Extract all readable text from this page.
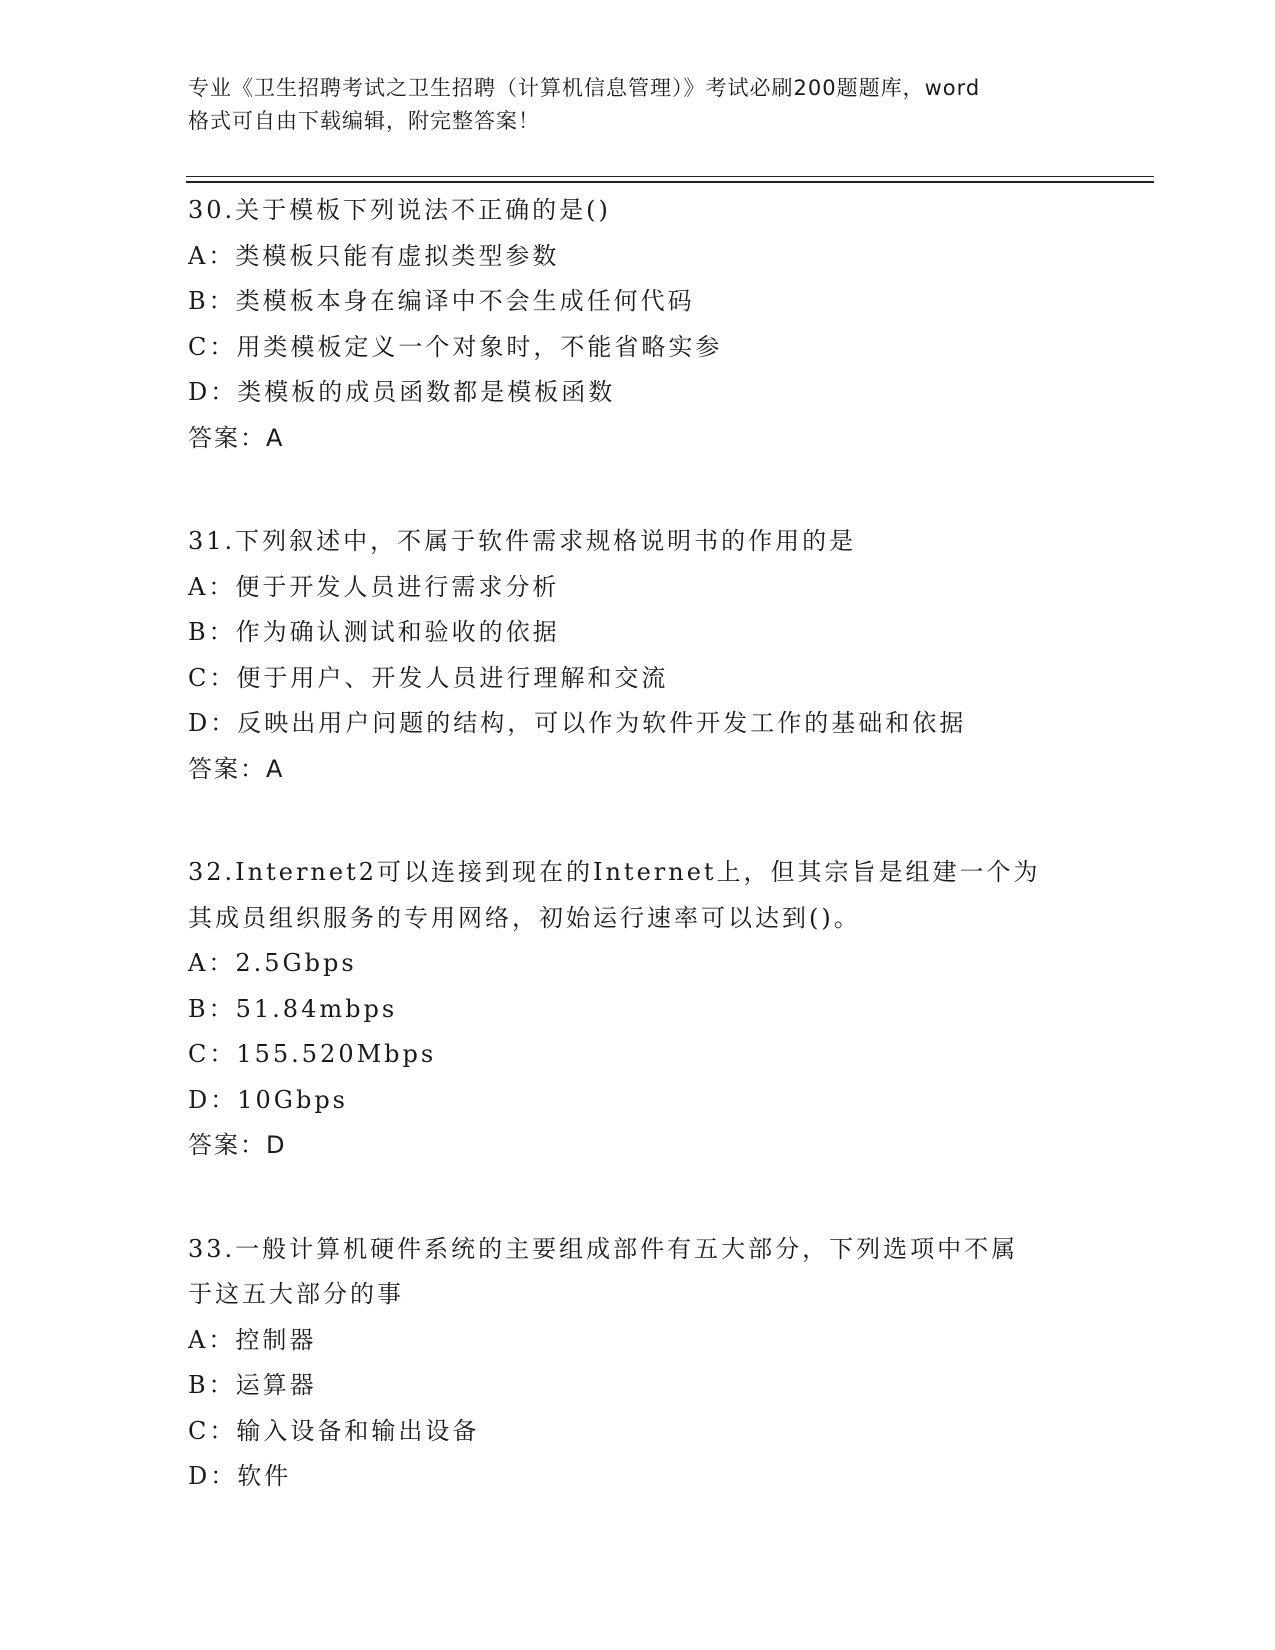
专业《卫生招聘考试之卫生招聘（计算机信息管理）》考试必刷200题题库，word
格式可自由下载编辑，附完整答案！
30.关于模板下列说法不正确的是()
A：类模板只能有虚拟类型参数
B：类模板本身在编译中不会生成任何代码
C：用类模板定义一个对象时，不能省略实参
D：类模板的成员函数都是模板函数
答案：A
31.下列叙述中，不属于软件需求规格说明书的作用的是
A：便于开发人员进行需求分析
B：作为确认测试和验收的依据
C：便于用户、开发人员进行理解和交流
D：反映出用户问题的结构，可以作为软件开发工作的基础和依据
答案：A
32.Internet2可以连接到现在的Internet上，但其宗旨是组建一个为
其成员组织服务的专用网络，初始运行速率可以达到()。
A：2.5Gbps
B：51.84mbps
C：155.520Mbps
D：10Gbps
答案：D
33.一般计算机硬件系统的主要组成部件有五大部分，下列选项中不属
于这五大部分的事
A：控制器
B：运算器
C：输入设备和输出设备
D：软件
